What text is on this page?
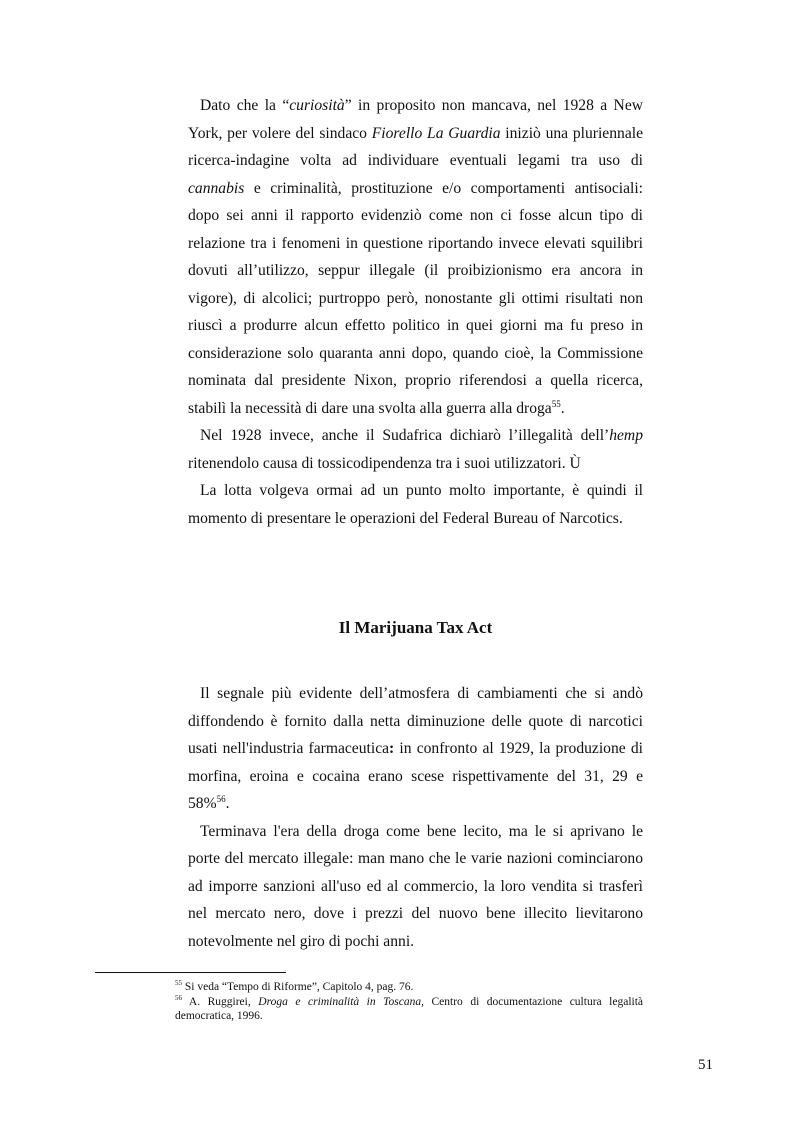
Dato che la “curiosità” in proposito non mancava, nel 1928 a New York, per volere del sindaco Fiorello La Guardia iniziò una pluriennale ricerca-indagine volta ad individuare eventuali legami tra uso di cannabis e criminalità, prostituzione e/o comportamenti antisociali: dopo sei anni il rapporto evidenziò come non ci fosse alcun tipo di relazione tra i fenomeni in questione riportando invece elevati squilibri dovuti all’utilizzo, seppur illegale (il proibizionismo era ancora in vigore), di alcolici; purtroppo però, nonostante gli ottimi risultati non riuscì a produrre alcun effetto politico in quei giorni ma fu preso in considerazione solo quaranta anni dopo, quando cioè, la Commissione nominata dal presidente Nixon, proprio riferendosi a quella ricerca, stabilì la necessità di dare una svolta alla guerra alla droga$^{55}$.

Nel 1928 invece, anche il Sudafrica dichiarò l’illegalità dell’hemp ritenendolo causa di tossicodipendenza tra i suoi utilizzatori. Ù

La lotta volgeva ormai ad un punto molto importante, è quindi il momento di presentare le operazioni del Federal Bureau of Narcotics.

Il Marijuana Tax Act

Il segnale più evidente dell’atmosfera di cambiamenti che si andò diffondendo è fornito dalla netta diminuzione delle quote di narcotici usati nell'industria farmaceutica: in confronto al 1929, la produzione di morfina, eroina e cocaina erano scese rispettivamente del 31, 29 e 58%$^{56}$.

Terminava l'era della droga come bene lecito, ma le si aprivano le porte del mercato illegale: man mano che le varie nazioni cominciarono ad imporre sanzioni all'uso ed al commercio, la loro vendita si trasferì nel mercato nero, dove i prezzi del nuovo bene illecito lievitarono notevolmente nel giro di pochi anni.

$^{55}$ Si veda “Tempo di Riforme”, Capitolo 4, pag. 76.

$^{56}$ A. Ruggirei, Droga e criminalità in Toscana, Centro di documentazione cultura legalità democratica, 1996.

51
